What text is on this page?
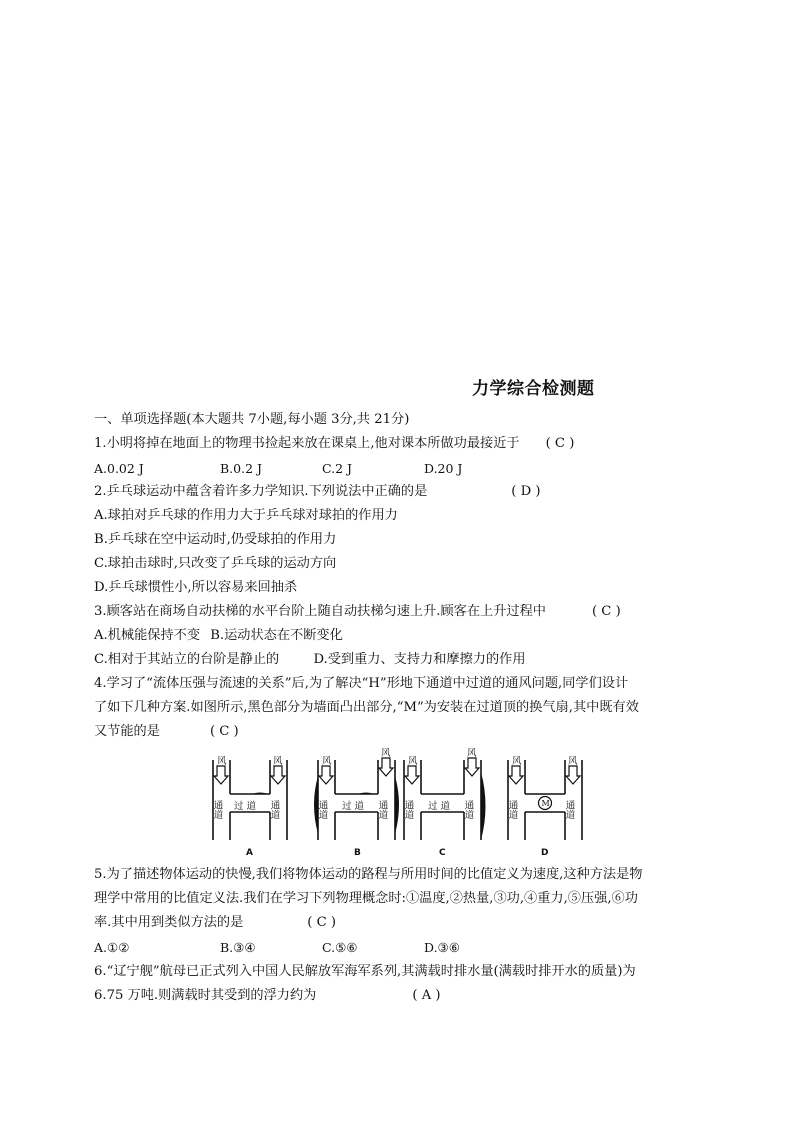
力学综合检测题
一、单项选择题(本大题共 7小题,每小题 3分,共 21分)
1.小明将掉在地面上的物理书捡起来放在课桌上,他对课本所做功最接近于 ( C )
A.0.02 J	B.0.2 J	C.2 J	D.20 J
2.乒乓球运动中蕴含着许多力学知识.下列说法中正确的是	( D )
A.球拍对乒乓球的作用力大于乒乓球对球拍的作用力
B.乒乓球在空中运动时,仍受球拍的作用力
C.球拍击球时,只改变了乒乓球的运动方向
D.乒乓球惯性小,所以容易来回抽杀
3.顾客站在商场自动扶梯的水平台阶上随自动扶梯匀速上升.顾客在上升过程中	( C )
A.机械能保持不变 B.运动状态在不断变化
C.相对于其站立的台阶是静止的	D.受到重力、支持力和摩擦力的作用
4.学习了“流体压强与流速的关系”后,为了解决“H”形地下通道中过道的通风问题,同学们设计
了如下几种方案.如图所示,黑色部分为墙面凸出部分,“M”为安装在过道顶的换气扇,其中既有效
又节能的是	( C )
风	风	风
风
风
风
风	风
通道	通道	通道	通道 通道	通道	通道	通道
过 道	过 道	过 道	M
A	B	C	D
5.为了描述物体运动的快慢,我们将物体运动的路程与所用时间的比值定义为速度,这种方法是物
理学中常用的比值定义法.我们在学习下列物理概念时:①温度,②热量,③功,④重力,⑤压强,⑥功
率.其中用到类似方法的是	( C )
A.①②	B.③④	C.⑤⑥	D.③⑥
6.“辽宁舰”航母已正式列入中国人民解放军海军系列,其满载时排水量(满载时排开水的质量)为
6.75 万吨.则满载时其受到的浮力约为	( A )
